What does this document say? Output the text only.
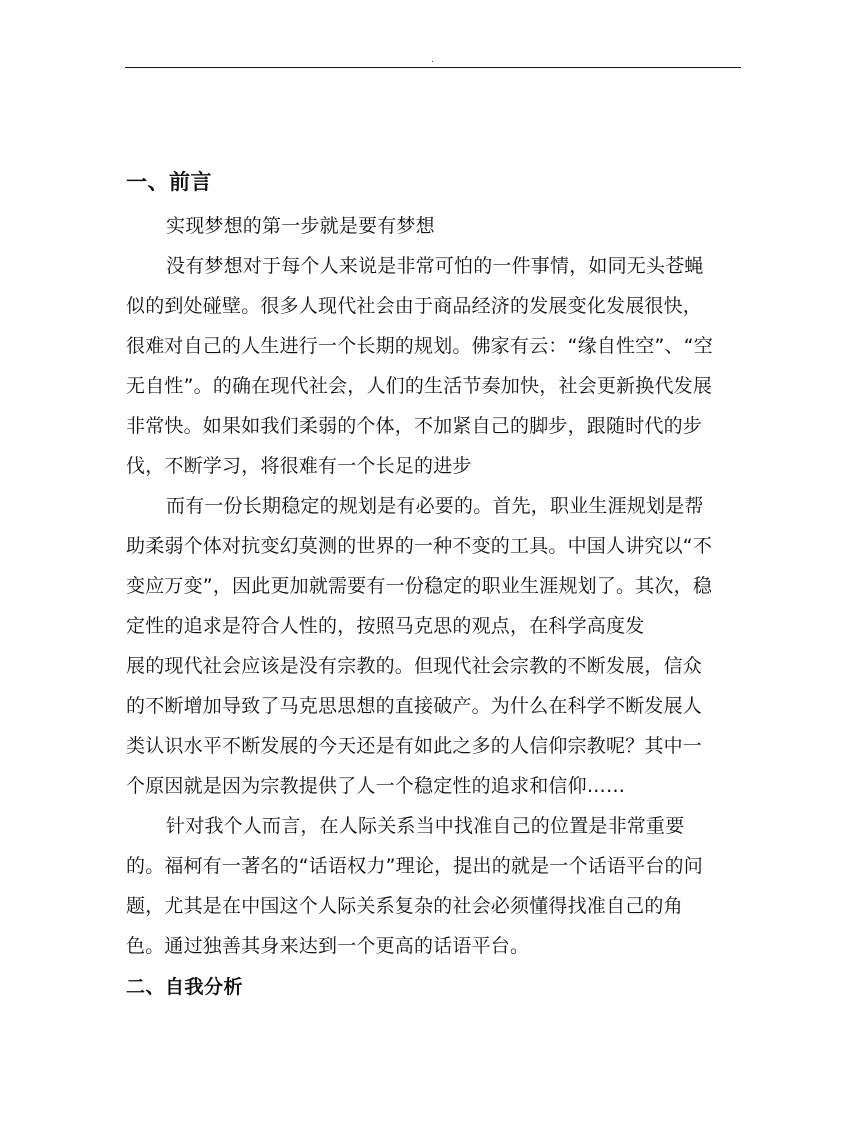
.
一、前言

实现梦想的第一步就是要有梦想

没有梦想对于每个人来说是非常可怕的一件事情，如同无头苍蝇

似的到处碰壁。很多人现代社会由于商品经济的发展变化发展很快，

很难对自己的人生进行一个长期的规划。佛家有云：“缘自性空”、“空

无自性”。的确在现代社会，人们的生活节奏加快，社会更新换代发展

非常快。如果如我们柔弱的个体，不加紧自己的脚步，跟随时代的步

伐，不断学习，将很难有一个长足的进步

而有一份长期稳定的规划是有必要的。首先，职业生涯规划是帮

助柔弱个体对抗变幻莫测的世界的一种不变的工具。中国人讲究以“不

变应万变”，因此更加就需要有一份稳定的职业生涯规划了。其次，稳

定性的追求是符合人性的，按照马克思的观点，在科学高度发

展的现代社会应该是没有宗教的。但现代社会宗教的不断发展，信众

的不断增加导致了马克思思想的直接破产。为什么在科学不断发展人

类认识水平不断发展的今天还是有如此之多的人信仰宗教呢？其中一

个原因就是因为宗教提供了人一个稳定性的追求和信仰……

针对我个人而言，在人际关系当中找准自己的位置是非常重要

的。福柯有一著名的“话语权力”理论，提出的就是一个话语平台的问

题，尤其是在中国这个人际关系复杂的社会必须懂得找准自己的角

色。通过独善其身来达到一个更高的话语平台。

二、自我分析
